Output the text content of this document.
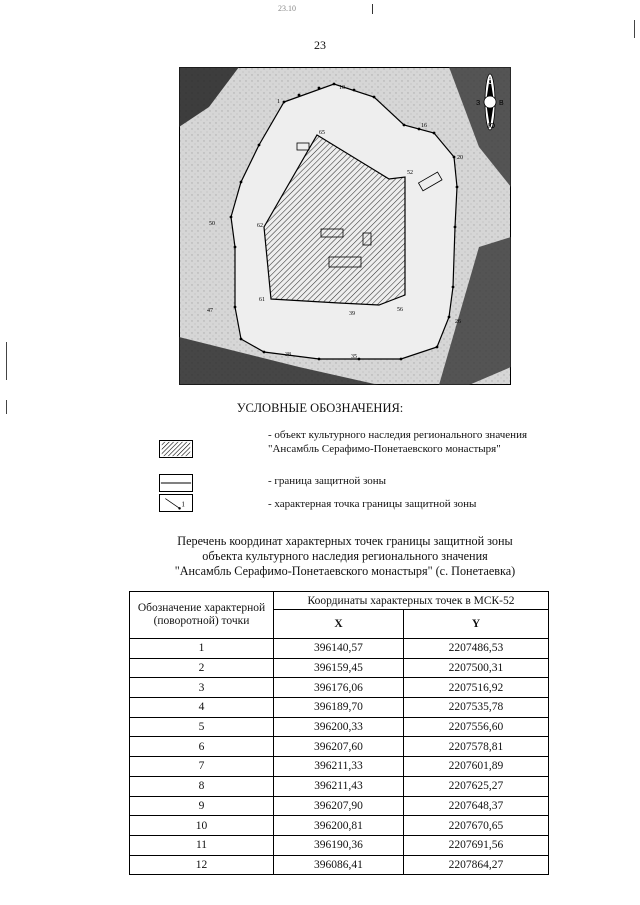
23.10
23
С
Ю
З	В
1
10
16
20
26
35
38
39
47
50
52
56
61
62
65
УСЛОВНЫЕ ОБОЗНАЧЕНИЯ:
- объект культурного наследия регионального значения "Ансамбль Серафимо-Понетаевского монастыря"
- граница защитной зоны
1	- характерная точка границы защитной зоны
Перечень координат характерных точек границы защитной зоны
объекта культурного наследия регионального значения
"Ансамбль Серафимо-Понетаевского монастыря" (с. Понетаевка)
Обозначение характерной (поворотной) точки	Координаты характерных точек в МСК-52	
	X	Y
1	396140,57	2207486,53
2	396159,45	2207500,31
3	396176,06	2207516,92
4	396189,70	2207535,78
5	396200,33	2207556,60
6	396207,60	2207578,81
7	396211,33	2207601,89
8	396211,43	2207625,27
9	396207,90	2207648,37
10	396200,81	2207670,65
11	396190,36	2207691,56
12	396086,41	2207864,27
